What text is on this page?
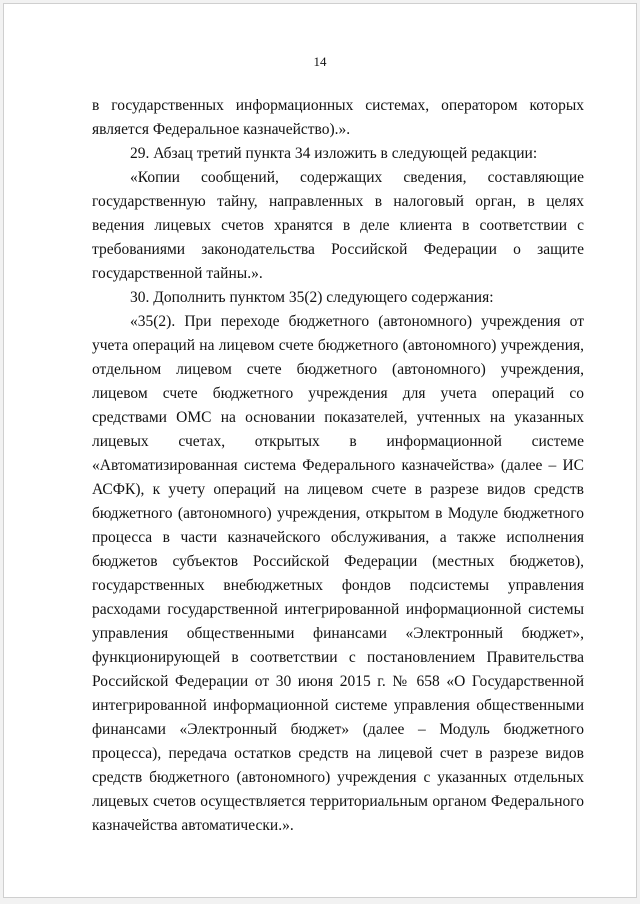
14

в государственных информационных системах, оператором которых является Федеральное казначейство).».

29. Абзац третий пункта 34 изложить в следующей редакции:

«Копии сообщений, содержащих сведения, составляющие государственную тайну, направленных в налоговый орган, в целях ведения лицевых счетов хранятся в деле клиента в соответствии с требованиями законодательства Российской Федерации о защите государственной тайны.».

30. Дополнить пунктом 35(2) следующего содержания:

«35(2). При переходе бюджетного (автономного) учреждения от учета операций на лицевом счете бюджетного (автономного) учреждения, отдельном лицевом счете бюджетного (автономного) учреждения, лицевом счете бюджетного учреждения для учета операций со средствами ОМС на основании показателей, учтенных на указанных лицевых счетах, открытых в информационной системе «Автоматизированная система Федерального казначейства» (далее – ИС АСФК), к учету операций на лицевом счете в разрезе видов средств бюджетного (автономного) учреждения, открытом в Модуле бюджетного процесса в части казначейского обслуживания, а также исполнения бюджетов субъектов Российской Федерации (местных бюджетов), государственных внебюджетных фондов подсистемы управления расходами государственной интегрированной информационной системы управления общественными финансами «Электронный бюджет», функционирующей в соответствии с постановлением Правительства Российской Федерации от 30 июня 2015 г. № 658 «О Государственной интегрированной информационной системе управления общественными финансами «Электронный бюджет» (далее – Модуль бюджетного процесса), передача остатков средств на лицевой счет в разрезе видов средств бюджетного (автономного) учреждения с указанных отдельных лицевых счетов осуществляется территориальным органом Федерального казначейства автоматически.».
